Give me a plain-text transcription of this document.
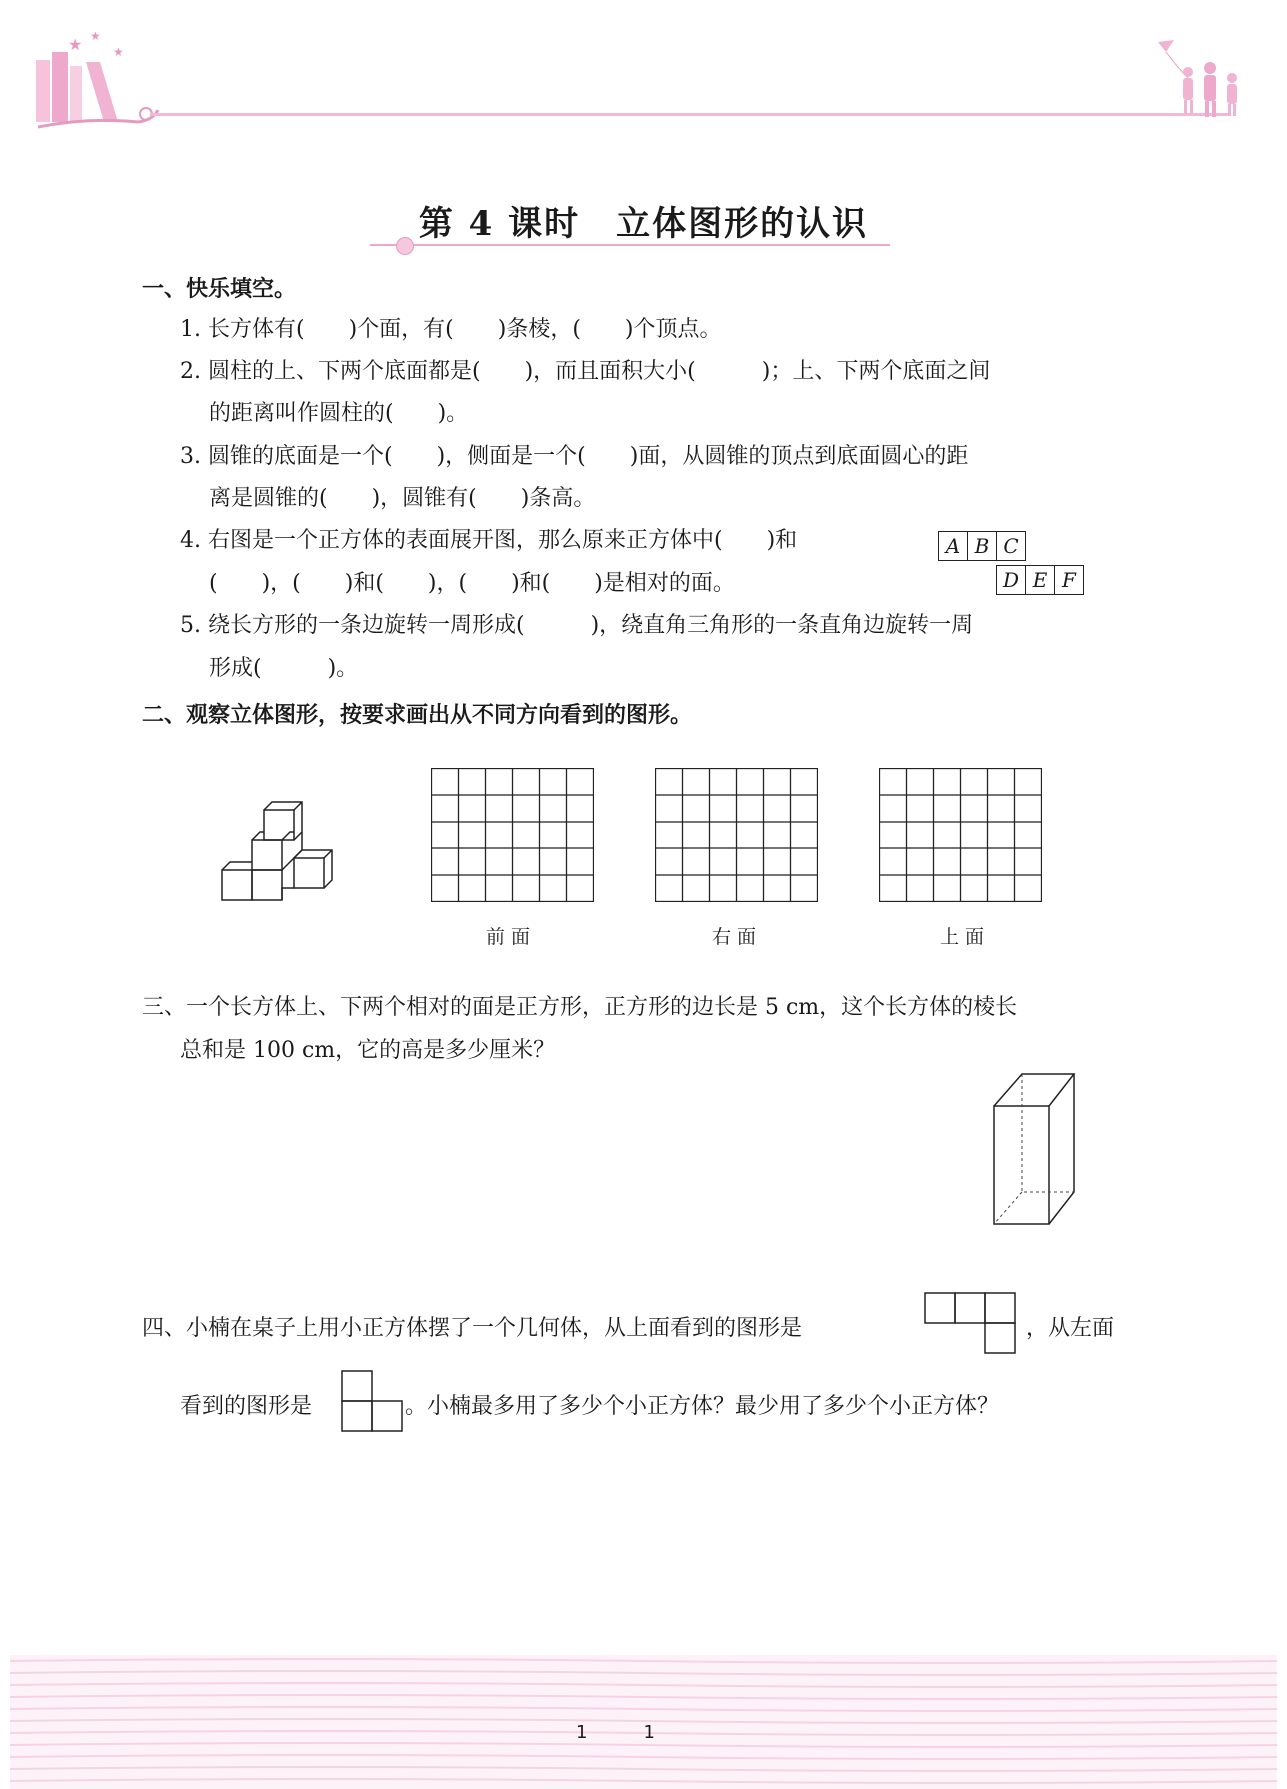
★ ★
★
第 4 课时　立体图形的认识
一、快乐填空。
1. 长方体有(　　)个面，有(　　)条棱，(　　)个顶点。
2. 圆柱的上、下两个底面都是(　　)，而且面积大小(　　　)；上、下两个底面之间
的距离叫作圆柱的(　　)。
3. 圆锥的底面是一个(　　)，侧面是一个(　　)面，从圆锥的顶点到底面圆心的距
离是圆锥的(　　)，圆锥有(　　)条高。
4. 右图是一个正方体的表面展开图，那么原来正方体中(　　)和
(　　)，(　　)和(　　)，(　　)和(　　)是相对的面。
5. 绕长方形的一条边旋转一周形成(　　　)，绕直角三角形的一条直角边旋转一周
形成(　　　)。
A B C
D E F
二、观察立体图形，按要求画出从不同方向看到的图形。
前面	右面	上面
三、一个长方体上、下两个相对的面是正方形，正方形的边长是 5 cm，这个长方体的棱长
总和是 100 cm，它的高是多少厘米？
四、小楠在桌子上用小正方体摆了一个几何体，从上面看到的图形是	，从左面
看到的图形是	。小楠最多用了多少个小正方体？最少用了多少个小正方体？
11
